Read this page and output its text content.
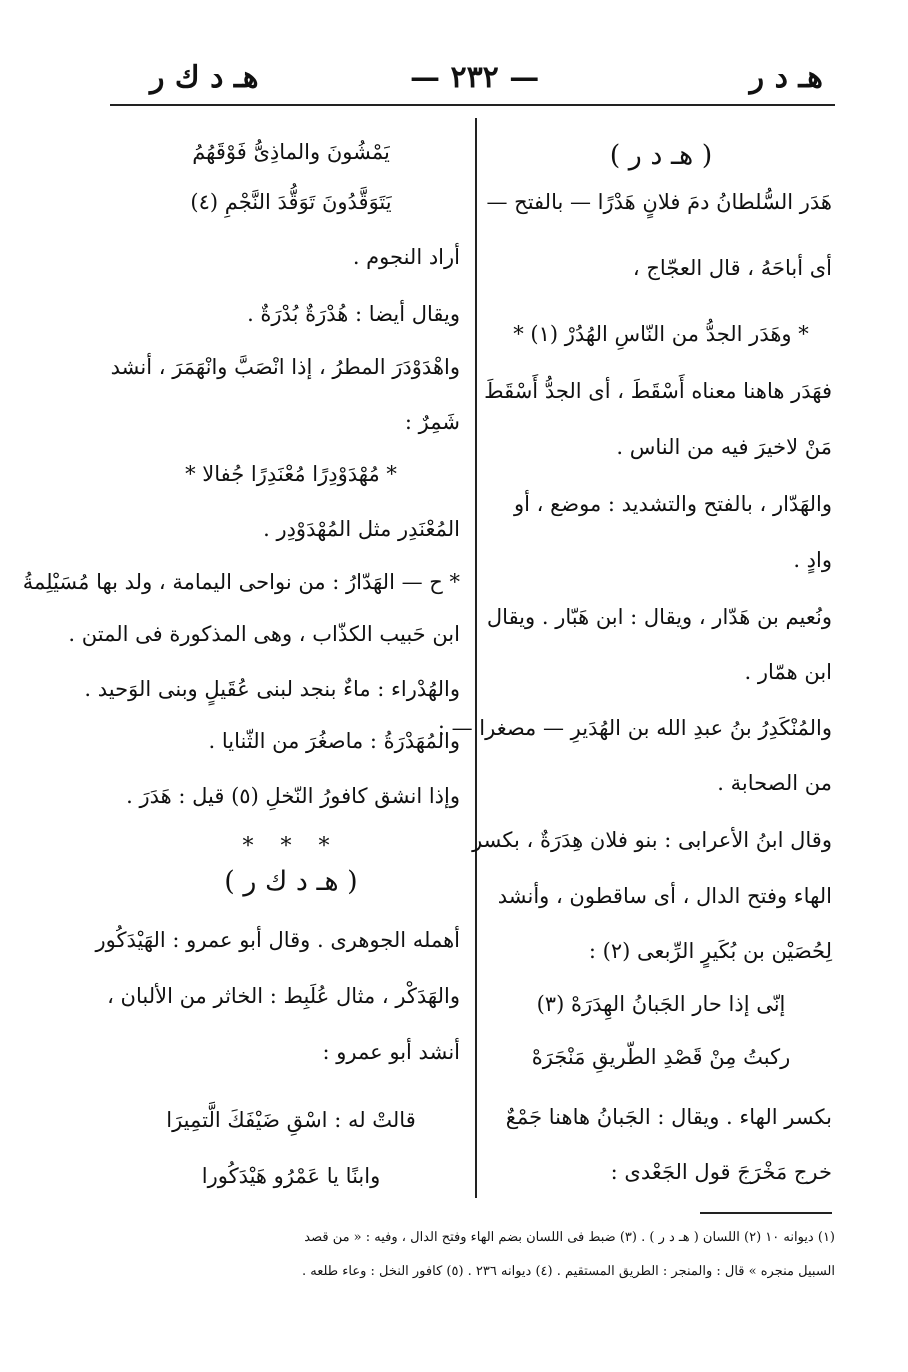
هـ د ر
— ٢٣٢ —
هـ د ك ر
( هـ د ر )
هَدَر السُّلطانُ دمَ فلانٍ هَدْرًا — بالفتح —
أى أباحَهُ ، قال العجّاج ،
* وهَدَر الجدُّ من النّاسِ الهُدُرْ (١) *
فهَدَر هاهنا معناه أَسْقَطَ ، أى الجدُّ أَسْقَطَ
مَنْ لاخيرَ فيه من الناس .
والهَدّار ، بالفتح والتشديد : موضع ، أو
وادٍ .
ونُعيم بن هَدّار ، ويقال : ابن هَبّار . ويقال
ابن همّار .
والمُنْكَدِرُ بنُ عبدِ الله بن الهُدَيرِ — مصغرا — :
من الصحابة .
وقال ابنُ الأعرابى : بنو فلان هِدَرَةٌ ، بكسر
الهاء وفتح الدال ، أى ساقطون ، وأنشد
لِحُصَيْن بن بُكَيرٍ الرِّبعى (٢) :
إنّى إذا حار الجَبانُ الهِدَرَهْ (٣)
ركبتُ مِنْ قَصْدِ الطّريقِ مَنْجَرَهْ
بكسر الهاء . ويقال : الجَبانُ هاهنا جَمْعٌ
خرج مَخْرَجَ قول الجَعْدى :
يَمْشُونَ والماذِىُّ فَوْقَهُمُ
يَتَوَقَّدُونَ تَوَقُّدَ النَّجْمِ (٤)
أراد النجوم .
ويقال أيضا : هُدْرَةٌ بُدْرَةٌ .
واهْدَوْدَرَ المطرُ ، إذا انْصَبَّ وانْهَمَرَ ، أنشد
شَمِرٌ :
* مُهْدَوْدِرًا مُعْنَدِرًا جُفالا *
المُعْنَدِر مثل المُهْدَوْدِر .
* ح — الهَدّارُ : من نواحى اليمامة ، ولد بها مُسَيْلِمةُ
ابن حَبيب الكذّاب ، وهى المذكورة فى المتن .
والهُدْراء : ماءٌ بنجد لبنى عُقَيلٍ وبنى الوَحيد .
والمُهَدْرَةُ : ماصغُرَ من الثّنايا .
وإذا انشق كافورُ النّخلِ (٥) قيل : هَدَرَ .
* * *
( هـ د ك ر )
أهمله الجوهرى . وقال أبو عمرو : الهَيْدَكُور
والهَدَكْر ، مثال عُلَبِط : الخاثر من الألبان ،
أنشد أبو عمرو :
قالتْ له : اسْقِ ضَيْفَكَ الَّتمِيرَا
وابنًا يا عَمْرُو هَيْدَكُورا
(١) ديوانه ١٠ (٢) اللسان ( هـ د ر ) . (٣) ضبط فى اللسان بضم الهاء وفتح الدال ، وفيه : « من قصد
السبيل منجره » قال : والمنجر : الطريق المستقيم . (٤) ديوانه ٢٣٦ . (٥) كافور النخل : وعاء طلعه .
